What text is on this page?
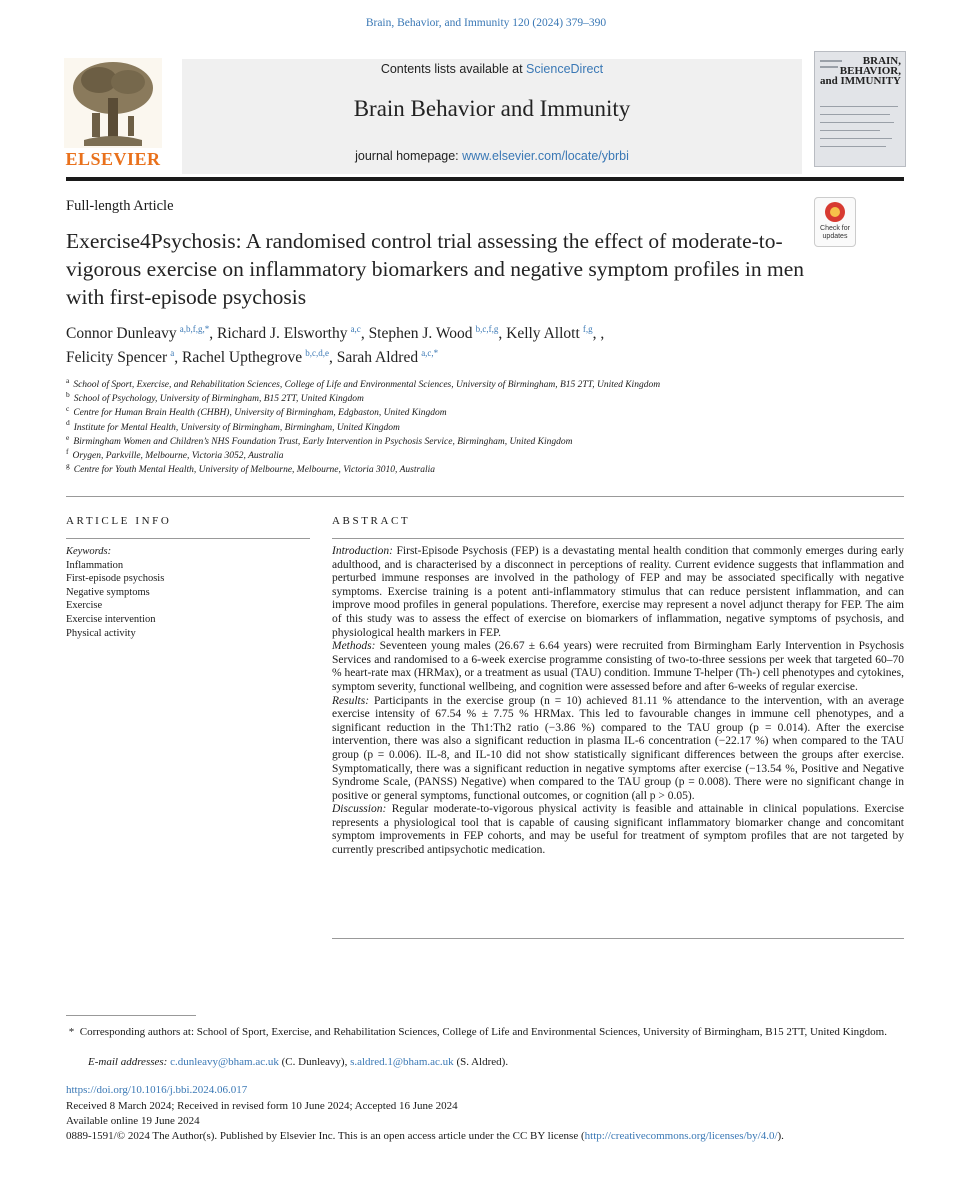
Brain, Behavior, and Immunity 120 (2024) 379–390
ELSEVIER
Contents lists available at ScienceDirect
Brain Behavior and Immunity
journal homepage: www.elsevier.com/locate/ybrbi
BRAIN,
BEHAVIOR,
and IMMUNITY
Full-length Article
Check for updates
Exercise4Psychosis: A randomised control trial assessing the effect of moderate-to-vigorous exercise on inflammatory biomarkers and negative symptom profiles in men with first-episode psychosis
Connor Dunleavy  $^{a,b,f,g,*}$, Richard J. Elsworthy  $^{a,c}$, Stephen J. Wood  $^{b,c,f,g}$, Kelly Allott  $^{f,g}$, ,
Felicity Spencer  $^a$, Rachel Upthegrove  $^{b,c,d,e}$, Sarah Aldred  $^{a,c,*}$
$^a$ School of Sport, Exercise, and Rehabilitation Sciences, College of Life and Environmental Sciences, University of Birmingham, B15 2TT, United Kingdom
$^b$ School of Psychology, University of Birmingham, B15 2TT, United Kingdom
$^c$ Centre for Human Brain Health (CHBH), University of Birmingham, Edgbaston, United Kingdom
$^d$ Institute for Mental Health, University of Birmingham, Birmingham, United Kingdom
$^e$ Birmingham Women and Children’s NHS Foundation Trust, Early Intervention in Psychosis Service, Birmingham, United Kingdom
$^f$ Orygen, Parkville, Melbourne, Victoria 3052, Australia
$^g$ Centre for Youth Mental Health, University of Melbourne, Melbourne, Victoria 3010, Australia
ARTICLE INFO	ABSTRACT
Keywords:
Inflammation
First-episode psychosis
Negative symptoms
Exercise
Exercise intervention
Physical activity
Introduction: First-Episode Psychosis (FEP) is a devastating mental health condition that commonly emerges during early adulthood, and is characterised by a disconnect in perceptions of reality. Current evidence suggests that inflammation and perturbed immune responses are involved in the pathology of FEP and may be associated specifically with negative symptoms. Exercise training is a potent anti-inflammatory stimulus that can reduce persistent inflammation, and can improve mood profiles in general populations. Therefore, exercise may represent a novel adjunct therapy for FEP. The aim of this study was to assess the effect of exercise on biomarkers of inflammation, negative symptoms of psychosis, and physiological health markers in FEP.
Methods: Seventeen young males (26.67 ± 6.64 years) were recruited from Birmingham Early Intervention in Psychosis Services and randomised to a 6-week exercise programme consisting of two-to-three sessions per week that targeted 60–70 % heart-rate max (HRMax), or a treatment as usual (TAU) condition. Immune T-helper (Th-) cell phenotypes and cytokines, symptom severity, functional wellbeing, and cognition were assessed before and after 6-weeks of regular exercise.
Results: Participants in the exercise group (n = 10) achieved 81.11 % attendance to the intervention, with an average exercise intensity of 67.54 % ± 7.75 % HRMax. This led to favourable changes in immune cell phenotypes, and a significant reduction in the Th1:Th2 ratio (−3.86 %) compared to the TAU group (p = 0.014). After the exercise intervention, there was also a significant reduction in plasma IL-6 concentration (−22.17 %) when compared to the TAU group (p = 0.006). IL-8, and IL-10 did not show statistically significant differences between the groups after exercise. Symptomatically, there was a significant reduction in negative symptoms after exercise (−13.54 %, Positive and Negative Syndrome Scale, (PANSS) Negative) when compared to the TAU group (p = 0.008). There were no significant change in positive or general symptoms, functional outcomes, or cognition (all p > 0.05).
Discussion: Regular moderate-to-vigorous physical activity is feasible and attainable in clinical populations. Exercise represents a physiological tool that is capable of causing significant inflammatory biomarker change and concomitant symptom improvements in FEP cohorts, and may be useful for treatment of symptom profiles that are not targeted by currently prescribed antipsychotic medication.
* Corresponding authors at: School of Sport, Exercise, and Rehabilitation Sciences, College of Life and Environmental Sciences, University of Birmingham, B15 2TT, United Kingdom.
E-mail addresses: c.dunleavy@bham.ac.uk (C. Dunleavy), s.aldred.1@bham.ac.uk (S. Aldred).
https://doi.org/10.1016/j.bbi.2024.06.017
Received 8 March 2024; Received in revised form 10 June 2024; Accepted 16 June 2024
Available online 19 June 2024
0889-1591/© 2024 The Author(s). Published by Elsevier Inc. This is an open access article under the CC BY license (http://creativecommons.org/licenses/by/4.0/).
